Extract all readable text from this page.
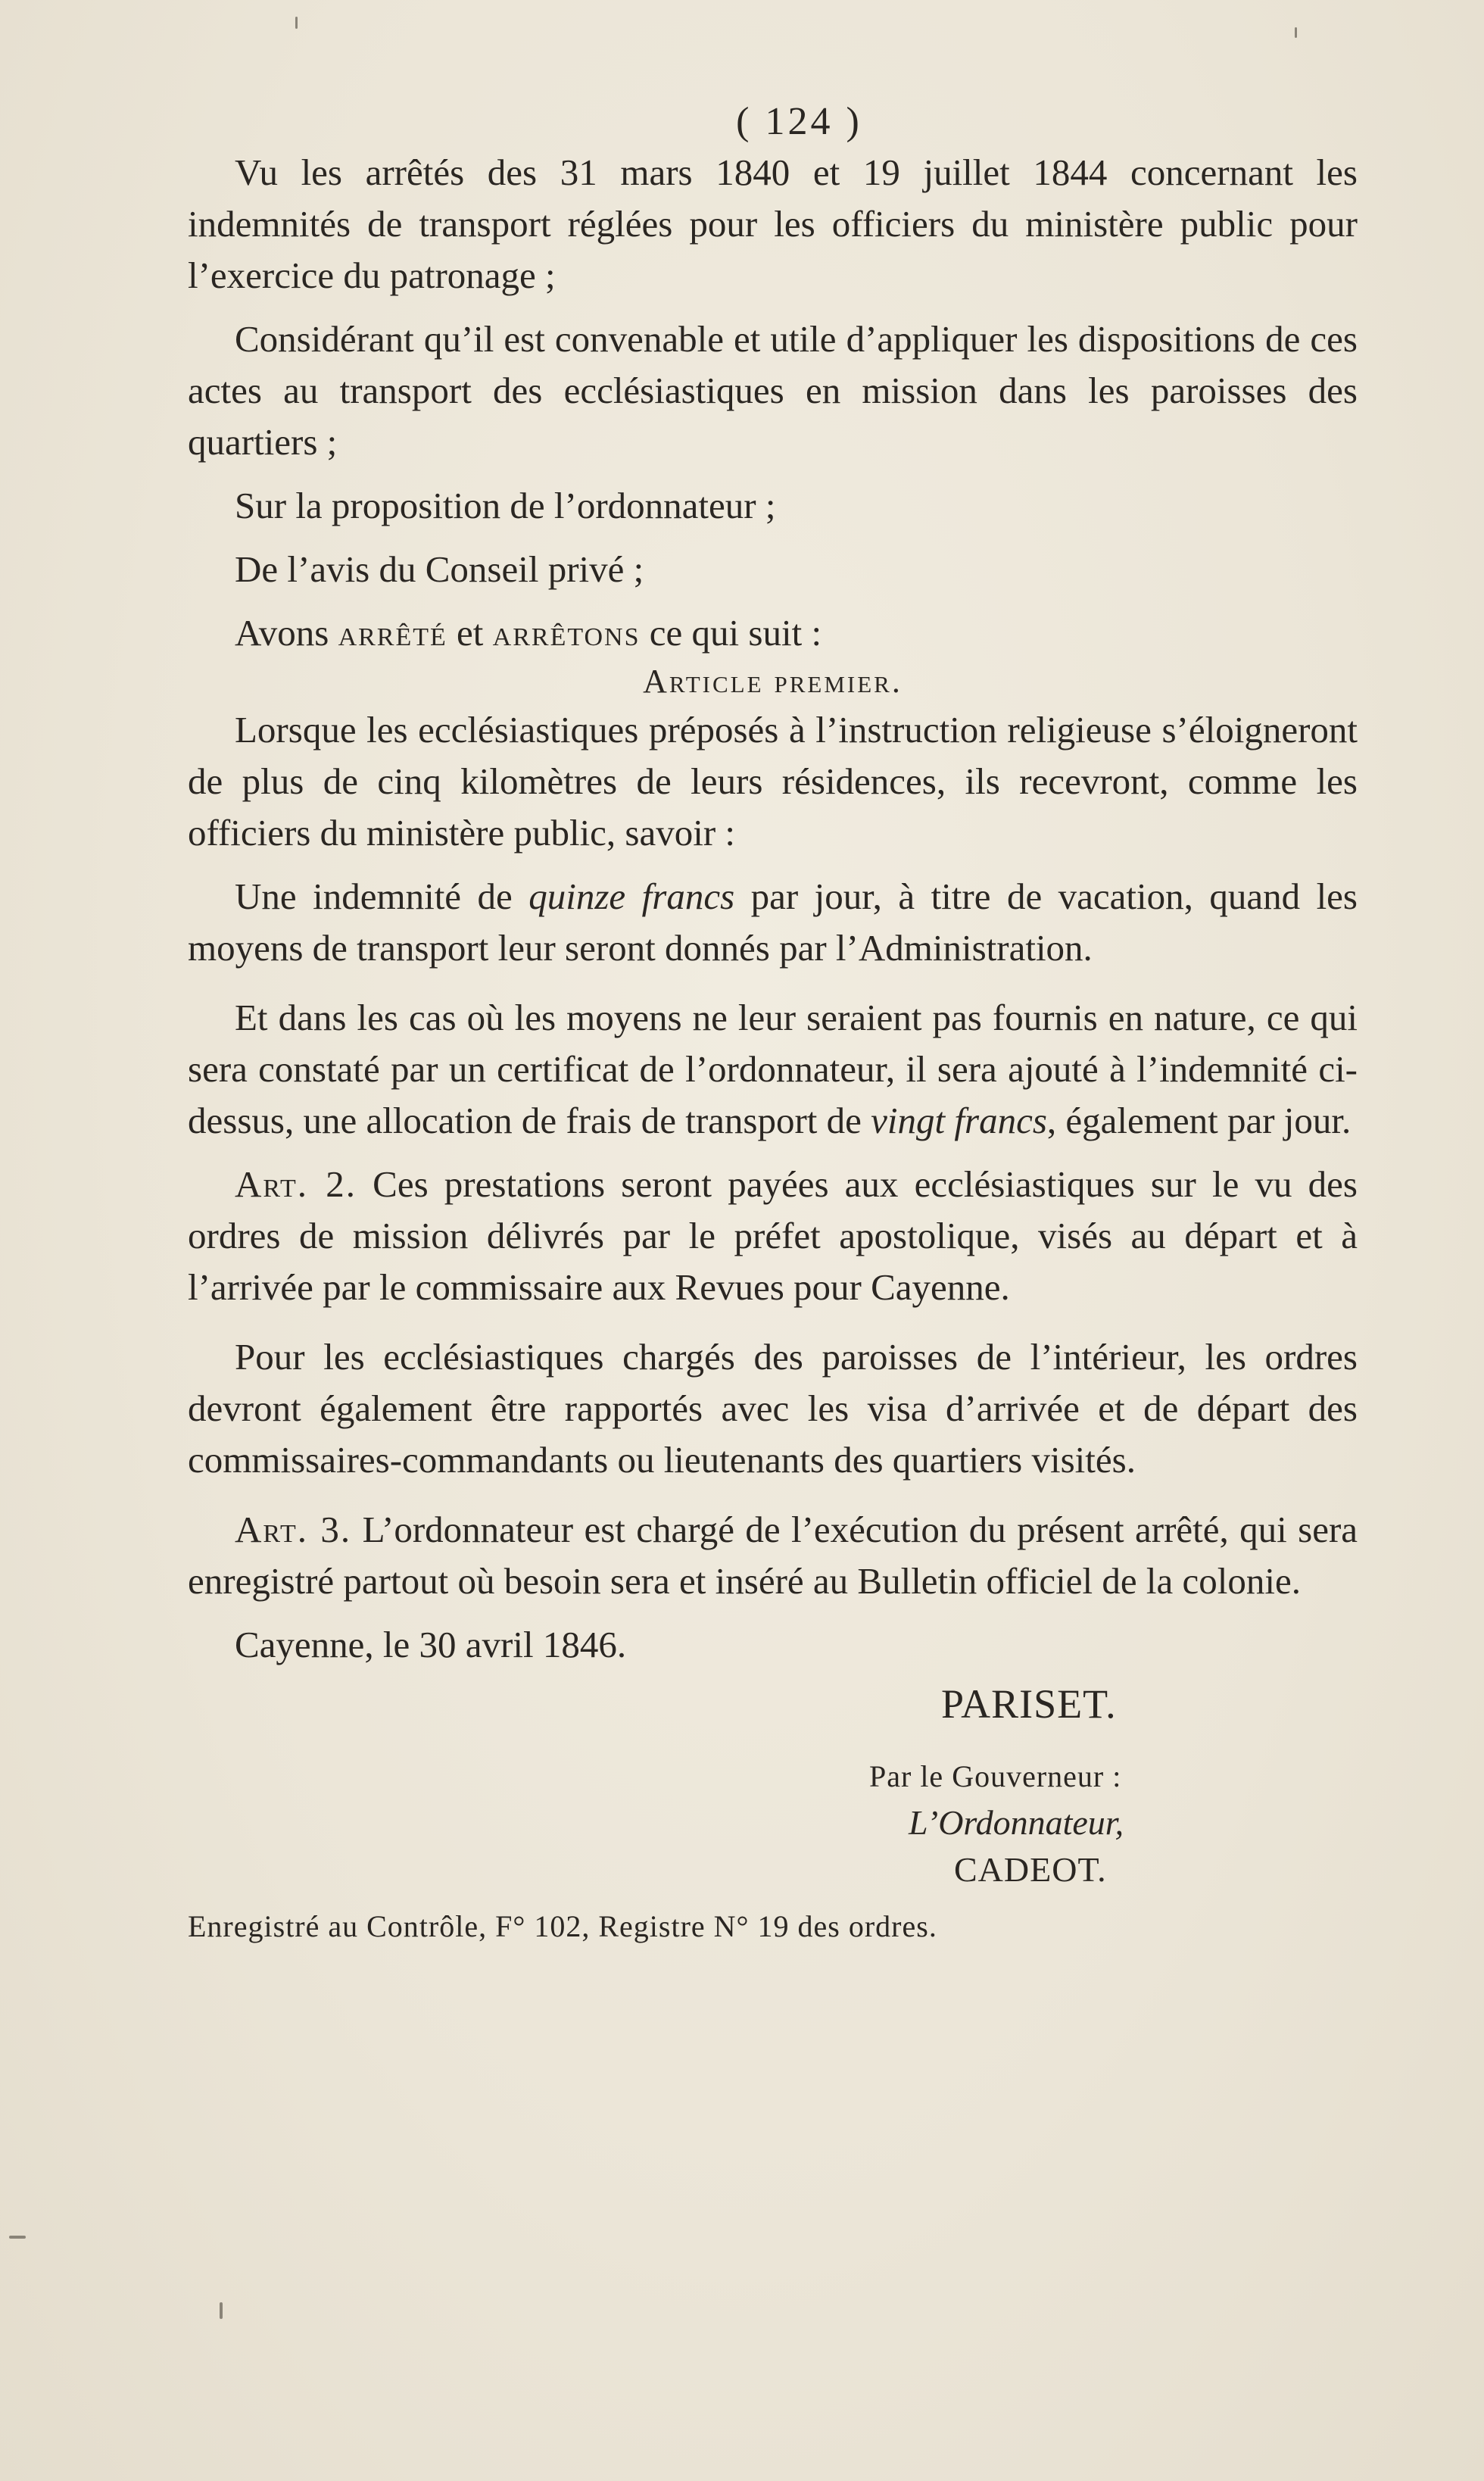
( 124 )

Vu les arrêtés des 31 mars 1840 et 19 juillet 1844 concernant les indemnités de transport réglées pour les officiers du ministère public pour l’exercice du patronage ;

Considérant qu’il est convenable et utile d’appliquer les dispositions de ces actes au transport des ecclésiastiques en mission dans les paroisses des quartiers ;

Sur la proposition de l’ordonnateur ;

De l’avis du Conseil privé ;

Avons arrêté et arrêtons ce qui suit :

Article premier.

Lorsque les ecclésiastiques préposés à l’instruction religieuse s’éloigneront de plus de cinq kilomètres de leurs résidences, ils recevront, comme les officiers du ministère public, savoir :

Une indemnité de quinze francs par jour, à titre de vacation, quand les moyens de transport leur seront donnés par l’Administration.

Et dans les cas où les moyens ne leur seraient pas fournis en nature, ce qui sera constaté par un certificat de l’ordonnateur, il sera ajouté à l’indemnité ci-dessus, une allocation de frais de transport de vingt francs, également par jour.

Art. 2. Ces prestations seront payées aux ecclésiastiques sur le vu des ordres de mission délivrés par le préfet apostolique, visés au départ et à l’arrivée par le commissaire aux Revues pour Cayenne.

Pour les ecclésiastiques chargés des paroisses de l’intérieur, les ordres devront également être rapportés avec les visa d’arrivée et de départ des commissaires-commandants ou lieutenants des quartiers visités.

Art. 3. L’ordonnateur est chargé de l’exécution du présent arrêté, qui sera enregistré partout où besoin sera et inséré au Bulletin officiel de la colonie.

Cayenne, le 30 avril 1846.

PARISET.
Par le Gouverneur :
L’Ordonnateur,
CADEOT.
Enregistré au Contrôle, F° 102, Registre N° 19 des ordres.
